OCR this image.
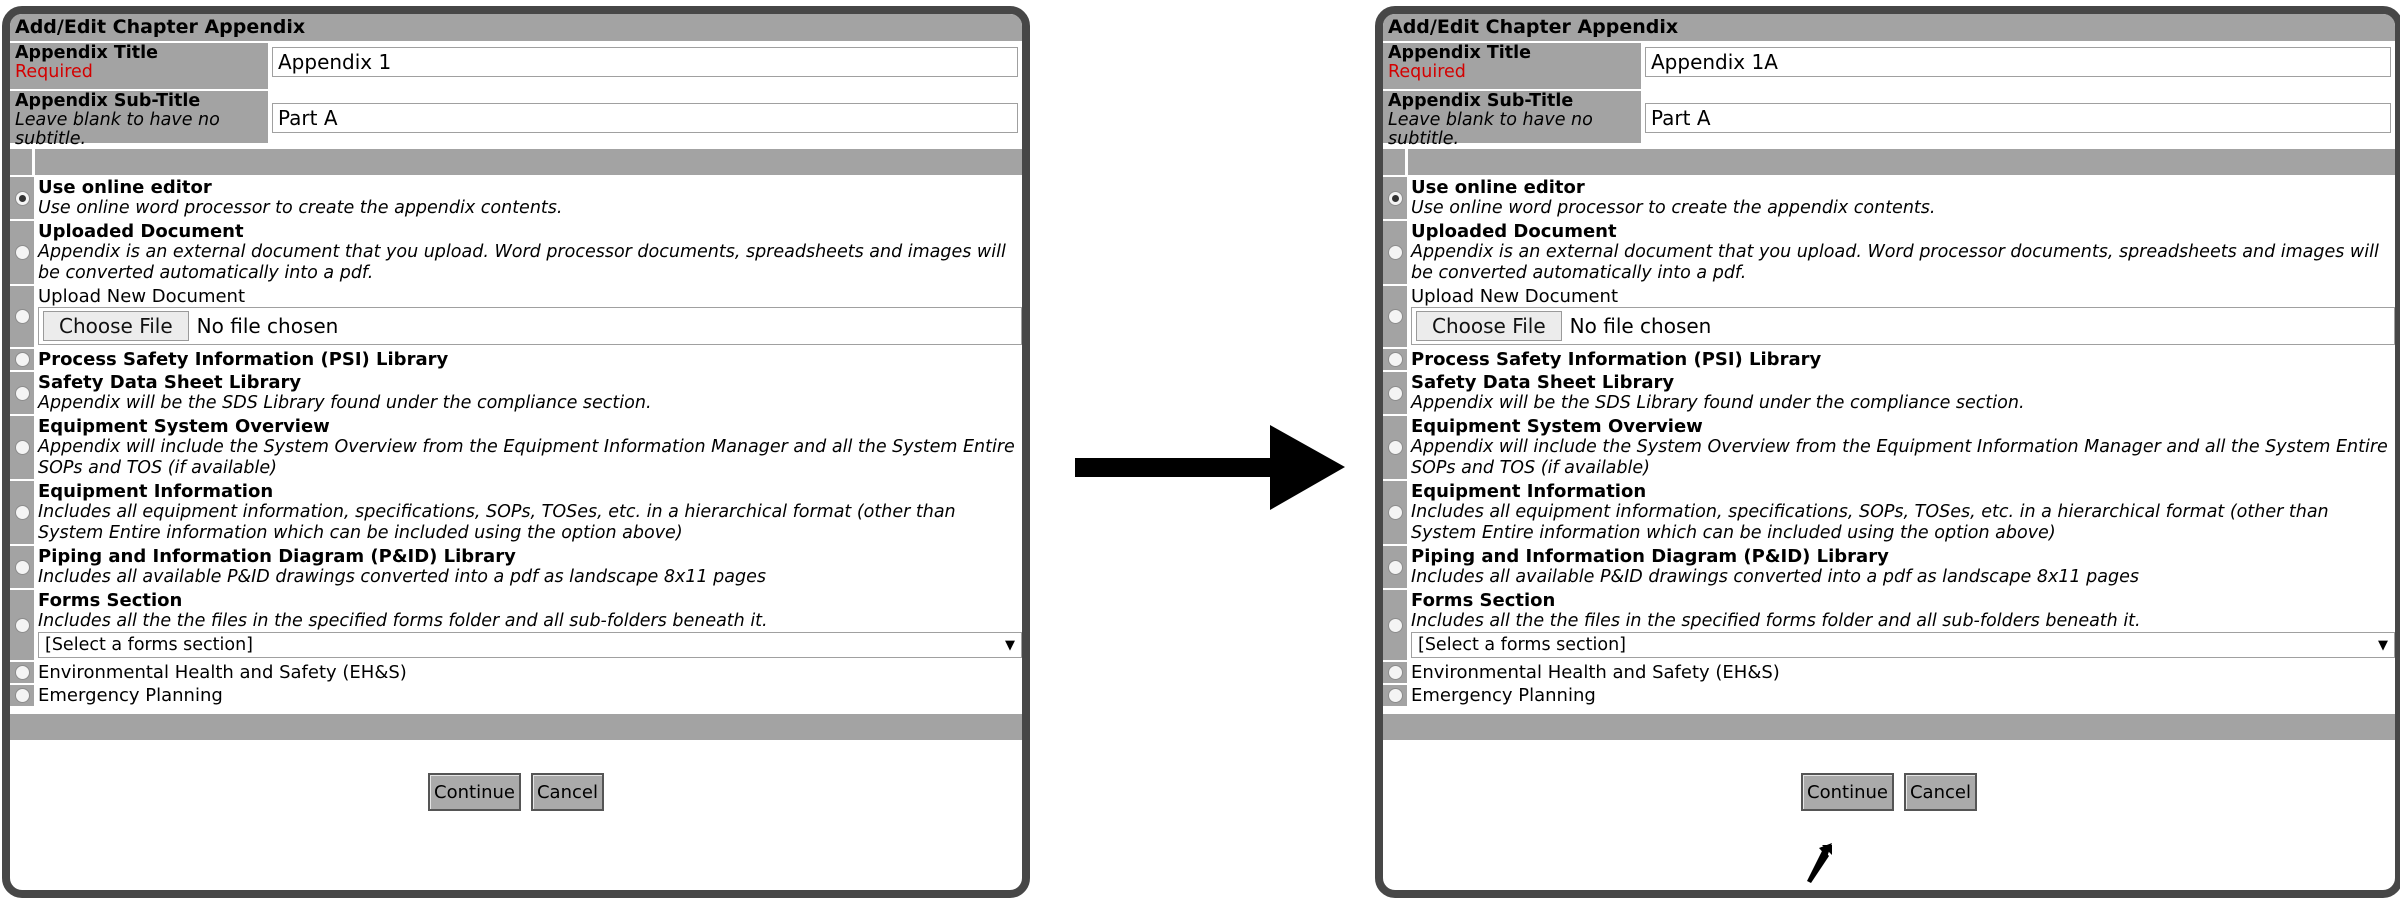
Add/Edit Chapter Appendix
Appendix Title
Required
Appendix 1
Appendix Sub-Title
Leave blank to have no subtitle.
Part A
Use online editor
Use online word processor to create the appendix contents.
Uploaded Document
Appendix is an external document that you upload. Word processor documents, spreadsheets and images will be converted automatically into a pdf.
Upload New Document
Choose File	No file chosen
Process Safety Information (PSI) Library
Safety Data Sheet Library
Appendix will be the SDS Library found under the compliance section.
Equipment System Overview
Appendix will include the System Overview from the Equipment Information Manager and all the System Entire SOPs and TOS (if available)
Equipment Information
Includes all equipment information, specifications, SOPs, TOSes, etc. in a hierarchical format (other than System Entire information which can be included using the option above)
Piping and Information Diagram (P&ID) Library
Includes all available P&ID drawings converted into a pdf as landscape 8x11 pages
Forms Section
Includes all the the files in the specified forms folder and all sub-folders beneath it.
[Select a forms section]	▼
Environmental Health and Safety (EH&S)
Emergency Planning
Continue	Cancel
Add/Edit Chapter Appendix
Appendix Title
Required
Appendix 1A
Appendix Sub-Title
Leave blank to have no subtitle.
Part A
Use online editor
Use online word processor to create the appendix contents.
Uploaded Document
Appendix is an external document that you upload. Word processor documents, spreadsheets and images will be converted automatically into a pdf.
Upload New Document
Choose File	No file chosen
Process Safety Information (PSI) Library
Safety Data Sheet Library
Appendix will be the SDS Library found under the compliance section.
Equipment System Overview
Appendix will include the System Overview from the Equipment Information Manager and all the System Entire SOPs and TOS (if available)
Equipment Information
Includes all equipment information, specifications, SOPs, TOSes, etc. in a hierarchical format (other than System Entire information which can be included using the option above)
Piping and Information Diagram (P&ID) Library
Includes all available P&ID drawings converted into a pdf as landscape 8x11 pages
Forms Section
Includes all the the files in the specified forms folder and all sub-folders beneath it.
[Select a forms section]	▼
Environmental Health and Safety (EH&S)
Emergency Planning
Continue	Cancel
